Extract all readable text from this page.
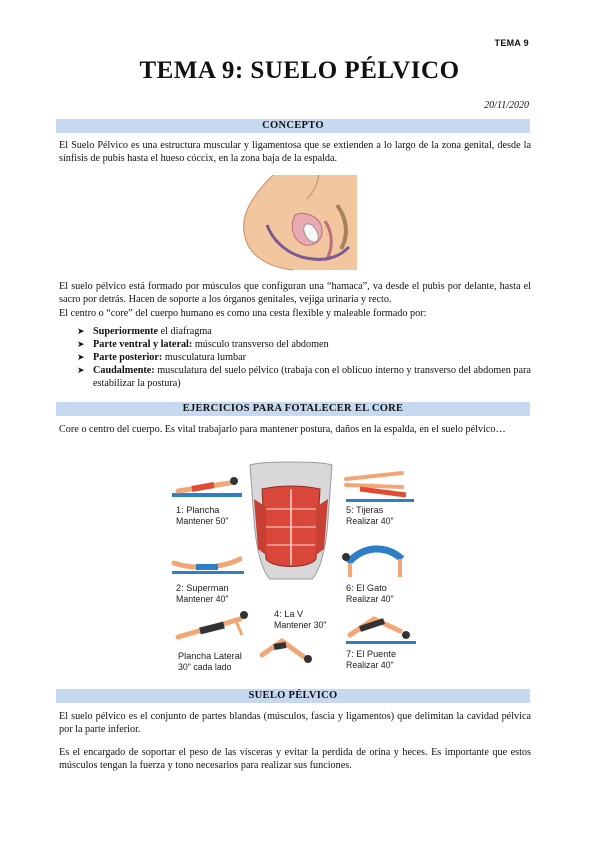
TEMA 9
TEMA 9: SUELO PÉLVICO
20/11/2020
CONCEPTO
El Suelo Pélvico es una estructura muscular y ligamentosa que se extienden a lo largo de la zona genital, desde la sínfisis de pubis hasta el hueso cóccix, en la zona baja de la espalda.
El suelo pélvico está formado por músculos que configuran una “hamaca”, va desde el pubis por delante, hasta el sacro por detrás. Hacen de soporte a los órganos genitales, vejiga urinaria y recto.
El centro o “core” del cuerpo humano es como una cesta flexible y maleable formado por:
➤ Superiormente el diafragma
➤ Parte ventral y lateral: músculo transverso del abdomen
➤ Parte posterior: musculatura lumbar
➤ Caudalmente: musculatura del suelo pélvico (trabaja con el oblicuo interno y transverso del abdomen para estabilizar la postura)
EJERCICIOS PARA FOTALECER EL CORE
Core o centro del cuerpo. Es vital trabajarlo para mantener postura, daños en la espalda, en el suelo pélvico…
1: Plancha
Mantener 50"
2: Superman
Mantener 40"
Plancha Lateral
30" cada lado
4: La V
Mantener 30"
5: Tijeras
Realizar 40"
6: El Gato
Realizar 40"
7: El Puente
Realizar 40"
SUELO PÉLVICO
El suelo pélvico es el conjunto de partes blandas (músculos, fascia y ligamentos) que delimitan la cavidad pélvica por la parte inferior.
Es el encargado de soportar el peso de las vísceras y evitar la perdida de orina y heces. Es importante que estos músculos tengan la fuerza y tono necesarios para realizar sus funciones.
